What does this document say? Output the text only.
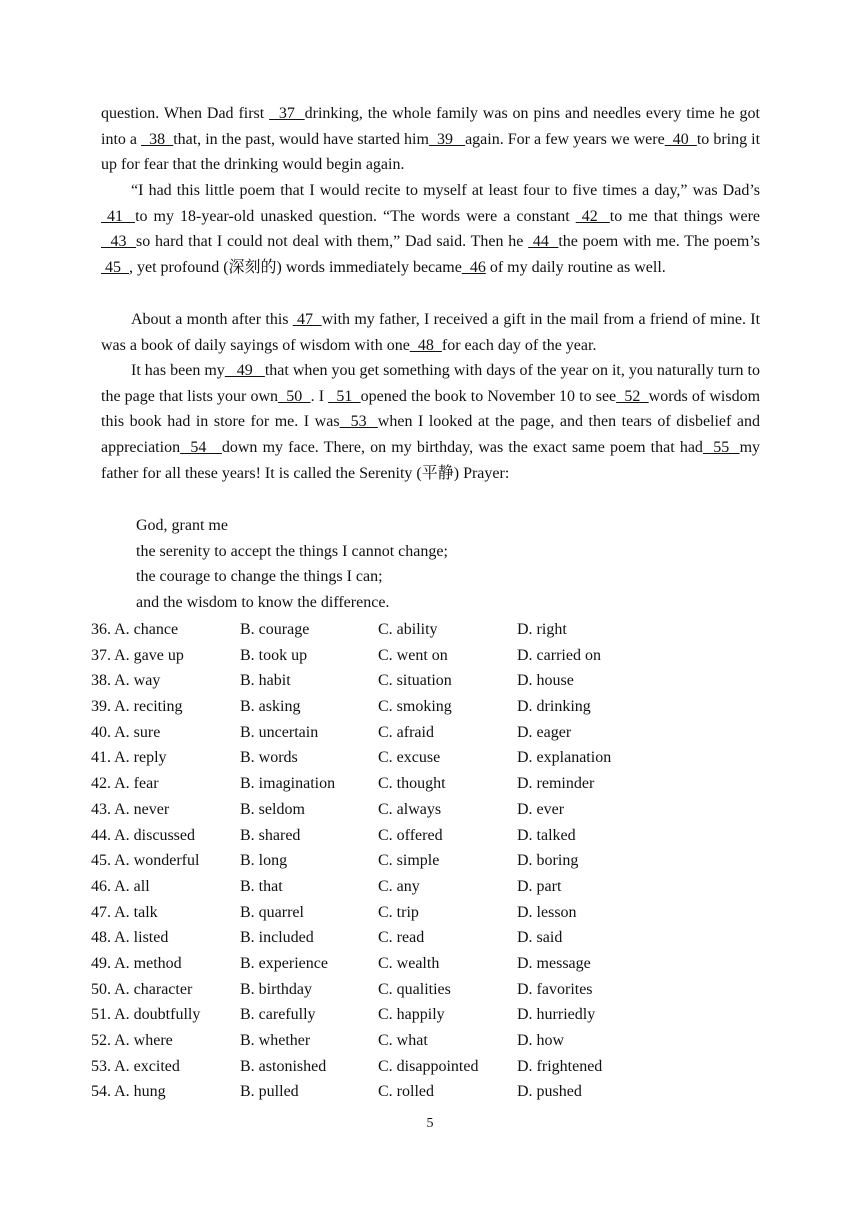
question. When Dad first   37  drinking, the whole family was on pins and needles every time he got into a   38  that, in the past, would have started him  39   again. For a few years we were  40  to bring it up for fear that the drinking would begin again.
“I had this little poem that I would recite to myself at least four to five times a day,” was Dad’s  41  to my 18-year-old unasked question. “The words were a constant  42  to me that things were   43  so hard that I could not deal with them,” Dad said. Then he  44  the poem with me. The poem’s  45  , yet profound (深刻的) words immediately became  46 of my daily routine as well.
About a month after this  47  with my father, I received a gift in the mail from a friend of mine. It was a book of daily sayings of wisdom with one  48  for each day of the year.
It has been my   49   that when you get something with days of the year on it, you naturally turn to the page that lists your own  50  . I   51  opened the book to November 10 to see  52  words of wisdom this book had in store for me. I was  53  when I looked at the page, and then tears of disbelief and appreciation  54   down my face. There, on my birthday, was the exact same poem that had  55  my father for all these years! It is called the Serenity (平静) Prayer:
God, grant me
the serenity to accept the things I cannot change;
the courage to change the things I can;
and the wisdom to know the difference.
36. A. chance	B. courage	C. ability	D. right
37. A. gave up	B. took up	C. went on	D. carried on
38. A. way	B. habit	C. situation	D. house
39. A. reciting	B. asking	C. smoking	D. drinking
40. A. sure	B. uncertain	C. afraid	D. eager
41. A. reply	B. words	C. excuse	D. explanation
42. A. fear	B. imagination	C. thought	D. reminder
43. A. never	B. seldom	C. always	D. ever
44. A. discussed	B. shared	C. offered	D. talked
45. A. wonderful	B. long	C. simple	D. boring
46. A. all	B. that	C. any	D. part
47. A. talk	B. quarrel	C. trip	D. lesson
48. A. listed	B. included	C. read	D. said
49. A. method	B. experience	C. wealth	D. message
50. A. character	B. birthday	C. qualities	D. favorites
51. A. doubtfully B. carefully	C. happily	D. hurriedly
52. A. where	B. whether	C. what	D. how
53. A. excited	B. astonished	C. disappointed D. frightened
54. A. hung	B. pulled	C. rolled	D. pushed
5
